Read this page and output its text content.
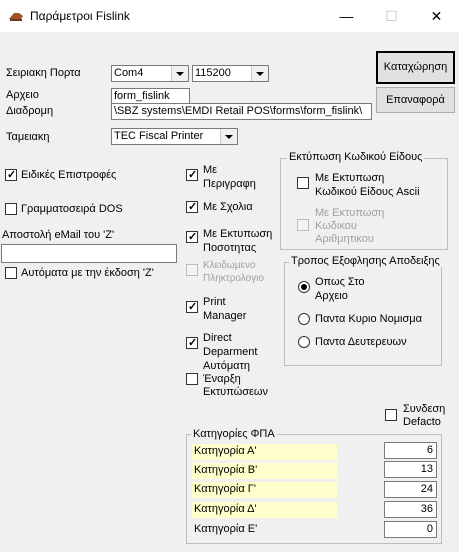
Παράμετροι Fislink	—	☐	✕
Σειριακη Πορτα	Com4	115200
Αρχειο	form_fislink
Διαδρομη	\SBZ systems\EMDI Retail POS\forms\form_fislink\
Ταμειακη	TEC Fiscal Printer
Καταχώρηση
Επαναφορά
✓ Ειδικές Επιστροφές
Γραμματοσειρά DOS
Αποστολή eMail του 'Z'
Αυτόματα με την έκδοση 'Z'
✓ Με
Περιγραφη
✓ Με Σχολια
✓ Με Εκτυπωση
Ποσοτητας
Κλειδωμενο
Πληκτρολογιο
✓ Print
Manager
✓ Direct
Deparment
Αυτόματη
Έναρξη
Εκτυπώσεων
Εκτύπωση Κωδικού Είδους
Με Εκτυπωση
Κωδικού Είδους Ascii
Με Εκτυπωση
Κωδικου
Αριθμητικου
Τροπος Εξοφλησης Αποδειξης
Οπως Στο
Αρχειο
Παντα Κυριο Νομισμα
Παντα Δευτερευων
Συνδεση
Defacto
Κατηγορίες ΦΠΑ
Κατηγορία Α'	6
Κατηγορία Β'	13
Κατηγορία Γ'	24
Κατηγορία Δ'	36
Κατηγορία Ε'	0
